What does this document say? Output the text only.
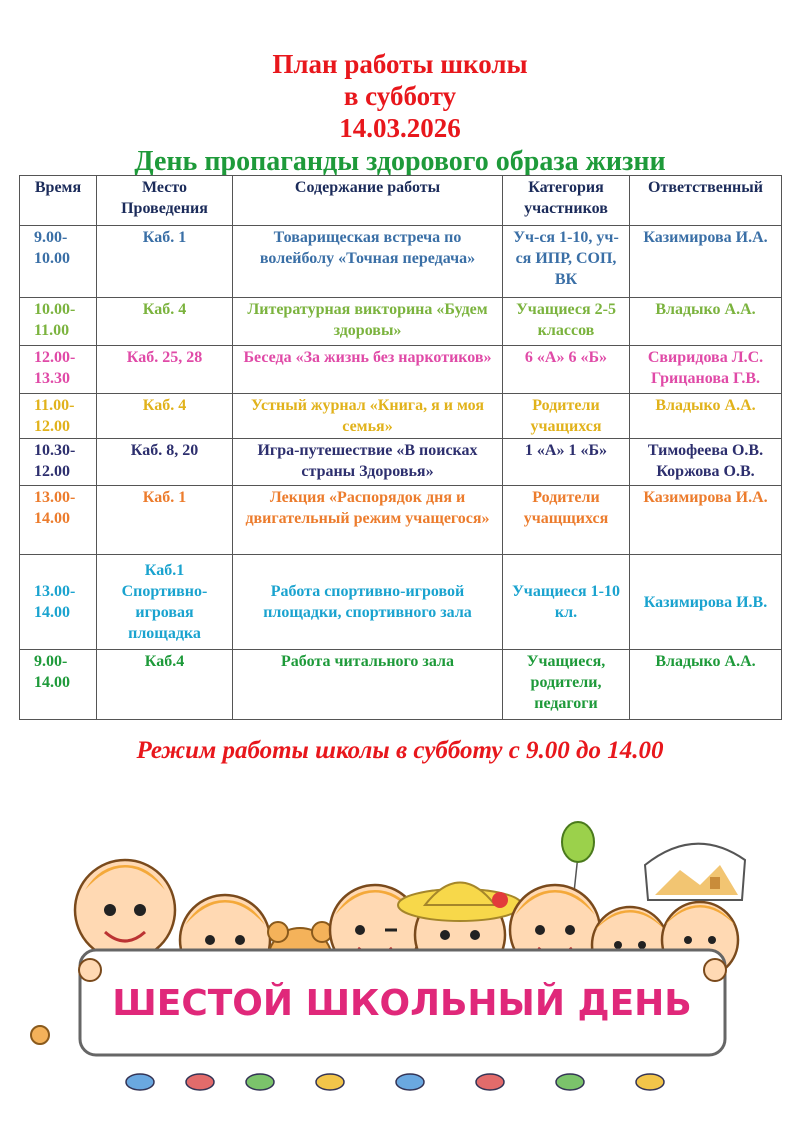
План работы школы
в субботу
14.03.2026
День пропаганды здорового образа жизни
Время	Место Проведения	Содержание работы	Категория участников	Ответственный
9.00-10.00	Каб. 1	Товарищеская встреча по волейболу «Точная передача»	Уч-ся 1-10, уч-ся ИПР, СОП, ВК	Казимирова И.А.
10.00-11.00	Каб. 4	Литературная викторина «Будем здоровы»	Учащиеся 2-5 классов	Владыко А.А.
12.00-13.30	Каб. 25, 28	Беседа «За жизнь без наркотиков»	6 «А» 6 «Б»	Свиридова Л.С. Грицанова Г.В.
11.00-12.00	Каб. 4	Устный журнал «Книга, я и моя семья»	Родители учащихся	Владыко А.А.
10.30-12.00	Каб. 8, 20	Игра-путешествие «В поисках страны Здоровья»	1 «А» 1 «Б»	Тимофеева О.В. Коржова О.В.
13.00-14.00	Каб. 1	Лекция «Распорядок дня и двигательный режим учащегося»	Родители учащщихся	Казимирова И.А.
13.00-14.00	Каб.1 Спортивно-игровая площадка	Работа спортивно-игровой площадки, спортивного зала	Учащиеся 1-10 кл.	Казимирова И.В.
9.00-14.00	Каб.4	Работа читального зала	Учащиеся, родители, педагоги	Владыко А.А.
Режим работы школы в субботу с 9.00 до 14.00
ШЕСТОЙ ШКОЛЬНЫЙ ДЕНЬ
